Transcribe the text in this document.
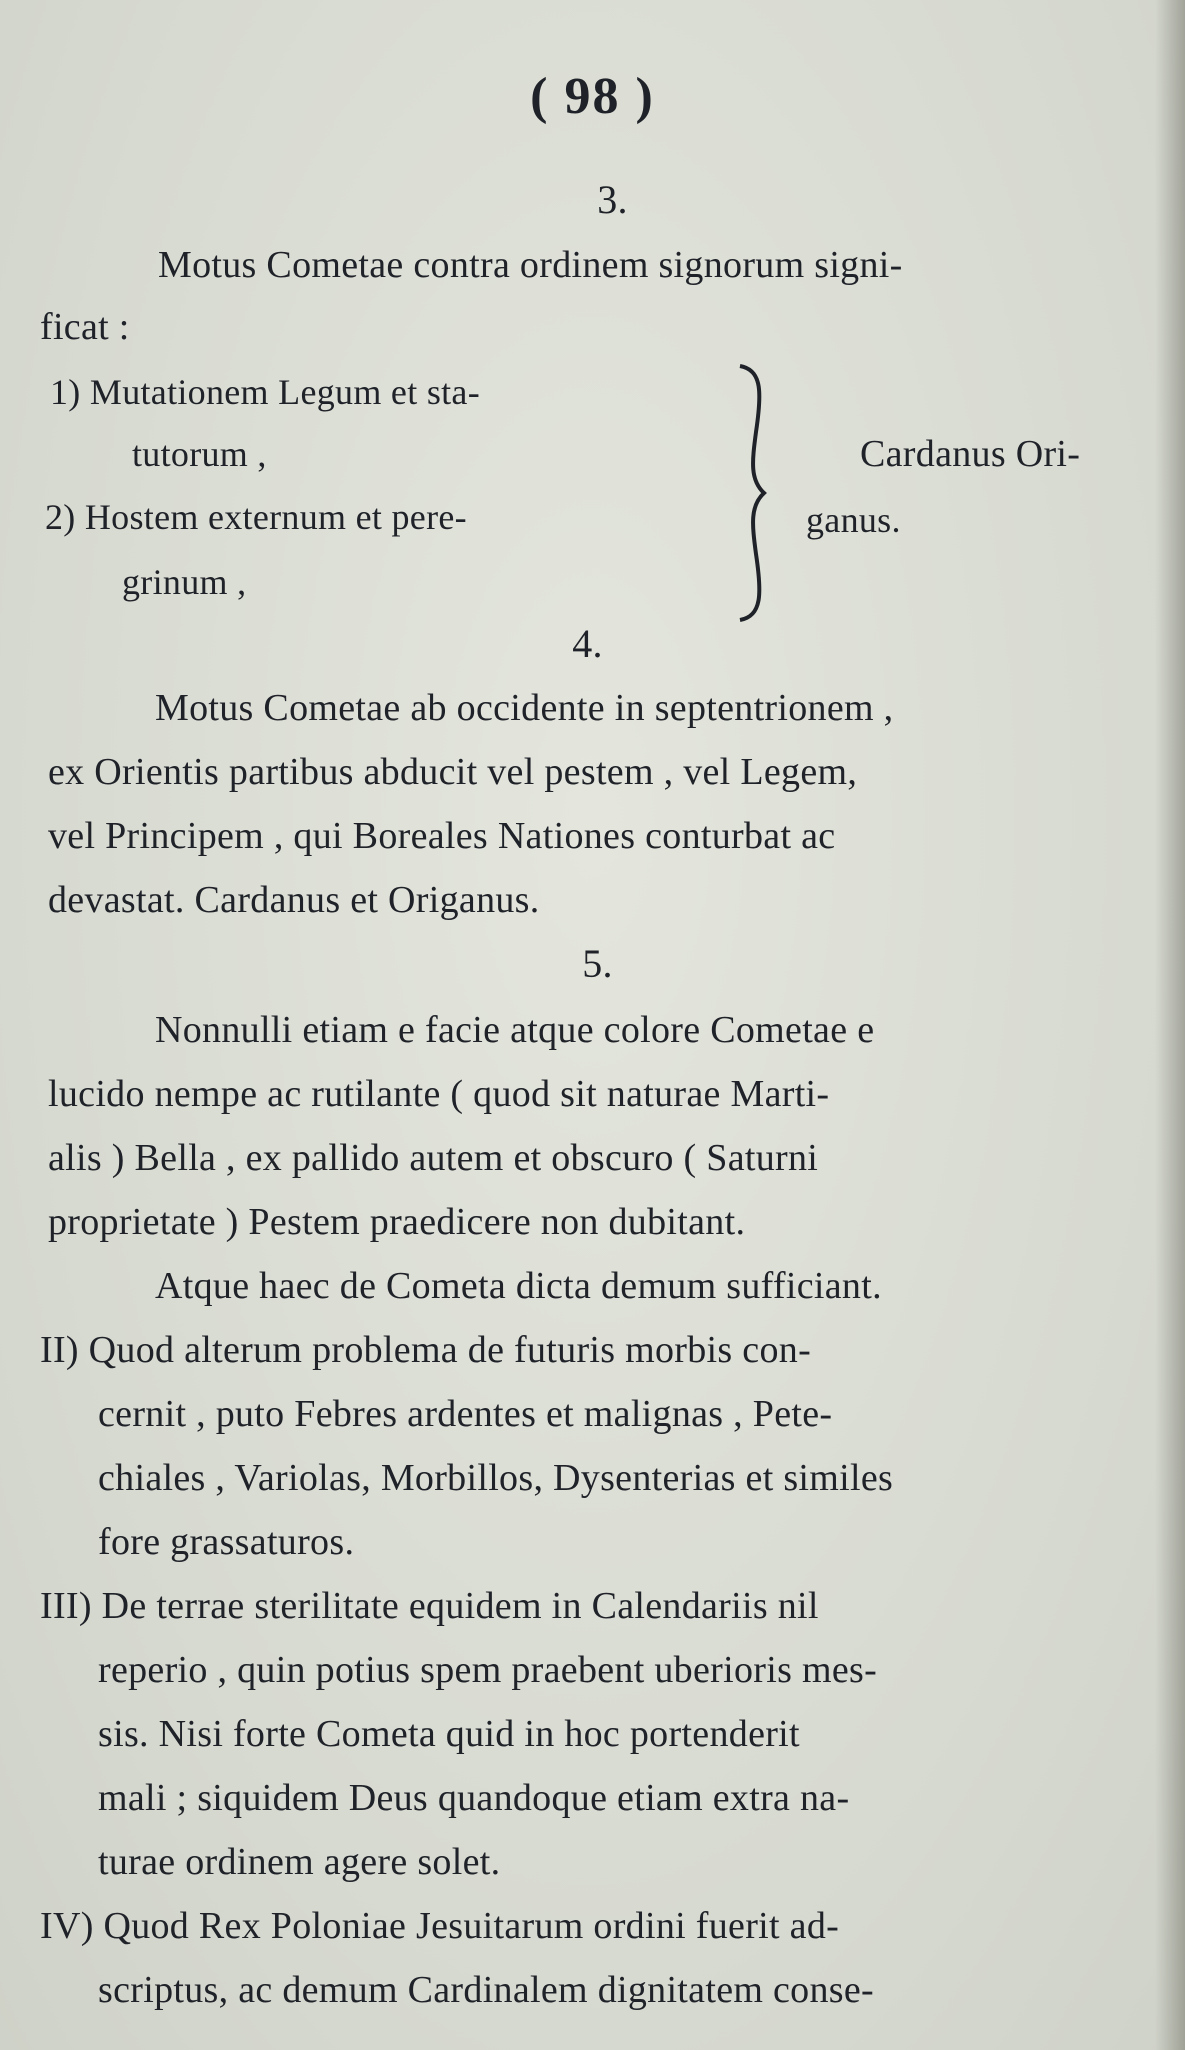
( 98 )
3.
Motus Cometae contra ordinem signorum signi-
ficat :
1) Mutationem Legum et sta-
tutorum ,
2) Hostem externum et pere-
grinum ,
Cardanus Ori-
ganus.
4.
Motus Cometae ab occidente in septentrionem ,
ex Orientis partibus abducit vel pestem , vel Legem,
vel Principem , qui Boreales Nationes conturbat ac
devastat. Cardanus et Origanus.
5.
Nonnulli etiam e facie atque colore Cometae e
lucido nempe ac rutilante ( quod sit naturae Marti-
alis ) Bella , ex pallido autem et obscuro ( Saturni
proprietate ) Pestem praedicere non dubitant.
Atque haec de Cometa dicta demum sufficiant.
II) Quod alterum problema de futuris morbis con-
cernit , puto Febres ardentes et malignas , Pete-
chiales , Variolas, Morbillos, Dysenterias et similes
fore grassaturos.
III) De terrae sterilitate equidem in Calendariis nil
reperio , quin potius spem praebent uberioris mes-
sis. Nisi forte Cometa quid in hoc portenderit
mali ; siquidem Deus quandoque etiam extra na-
turae ordinem agere solet.
IV) Quod Rex Poloniae Jesuitarum ordini fuerit ad-
scriptus, ac demum Cardinalem dignitatem conse-
